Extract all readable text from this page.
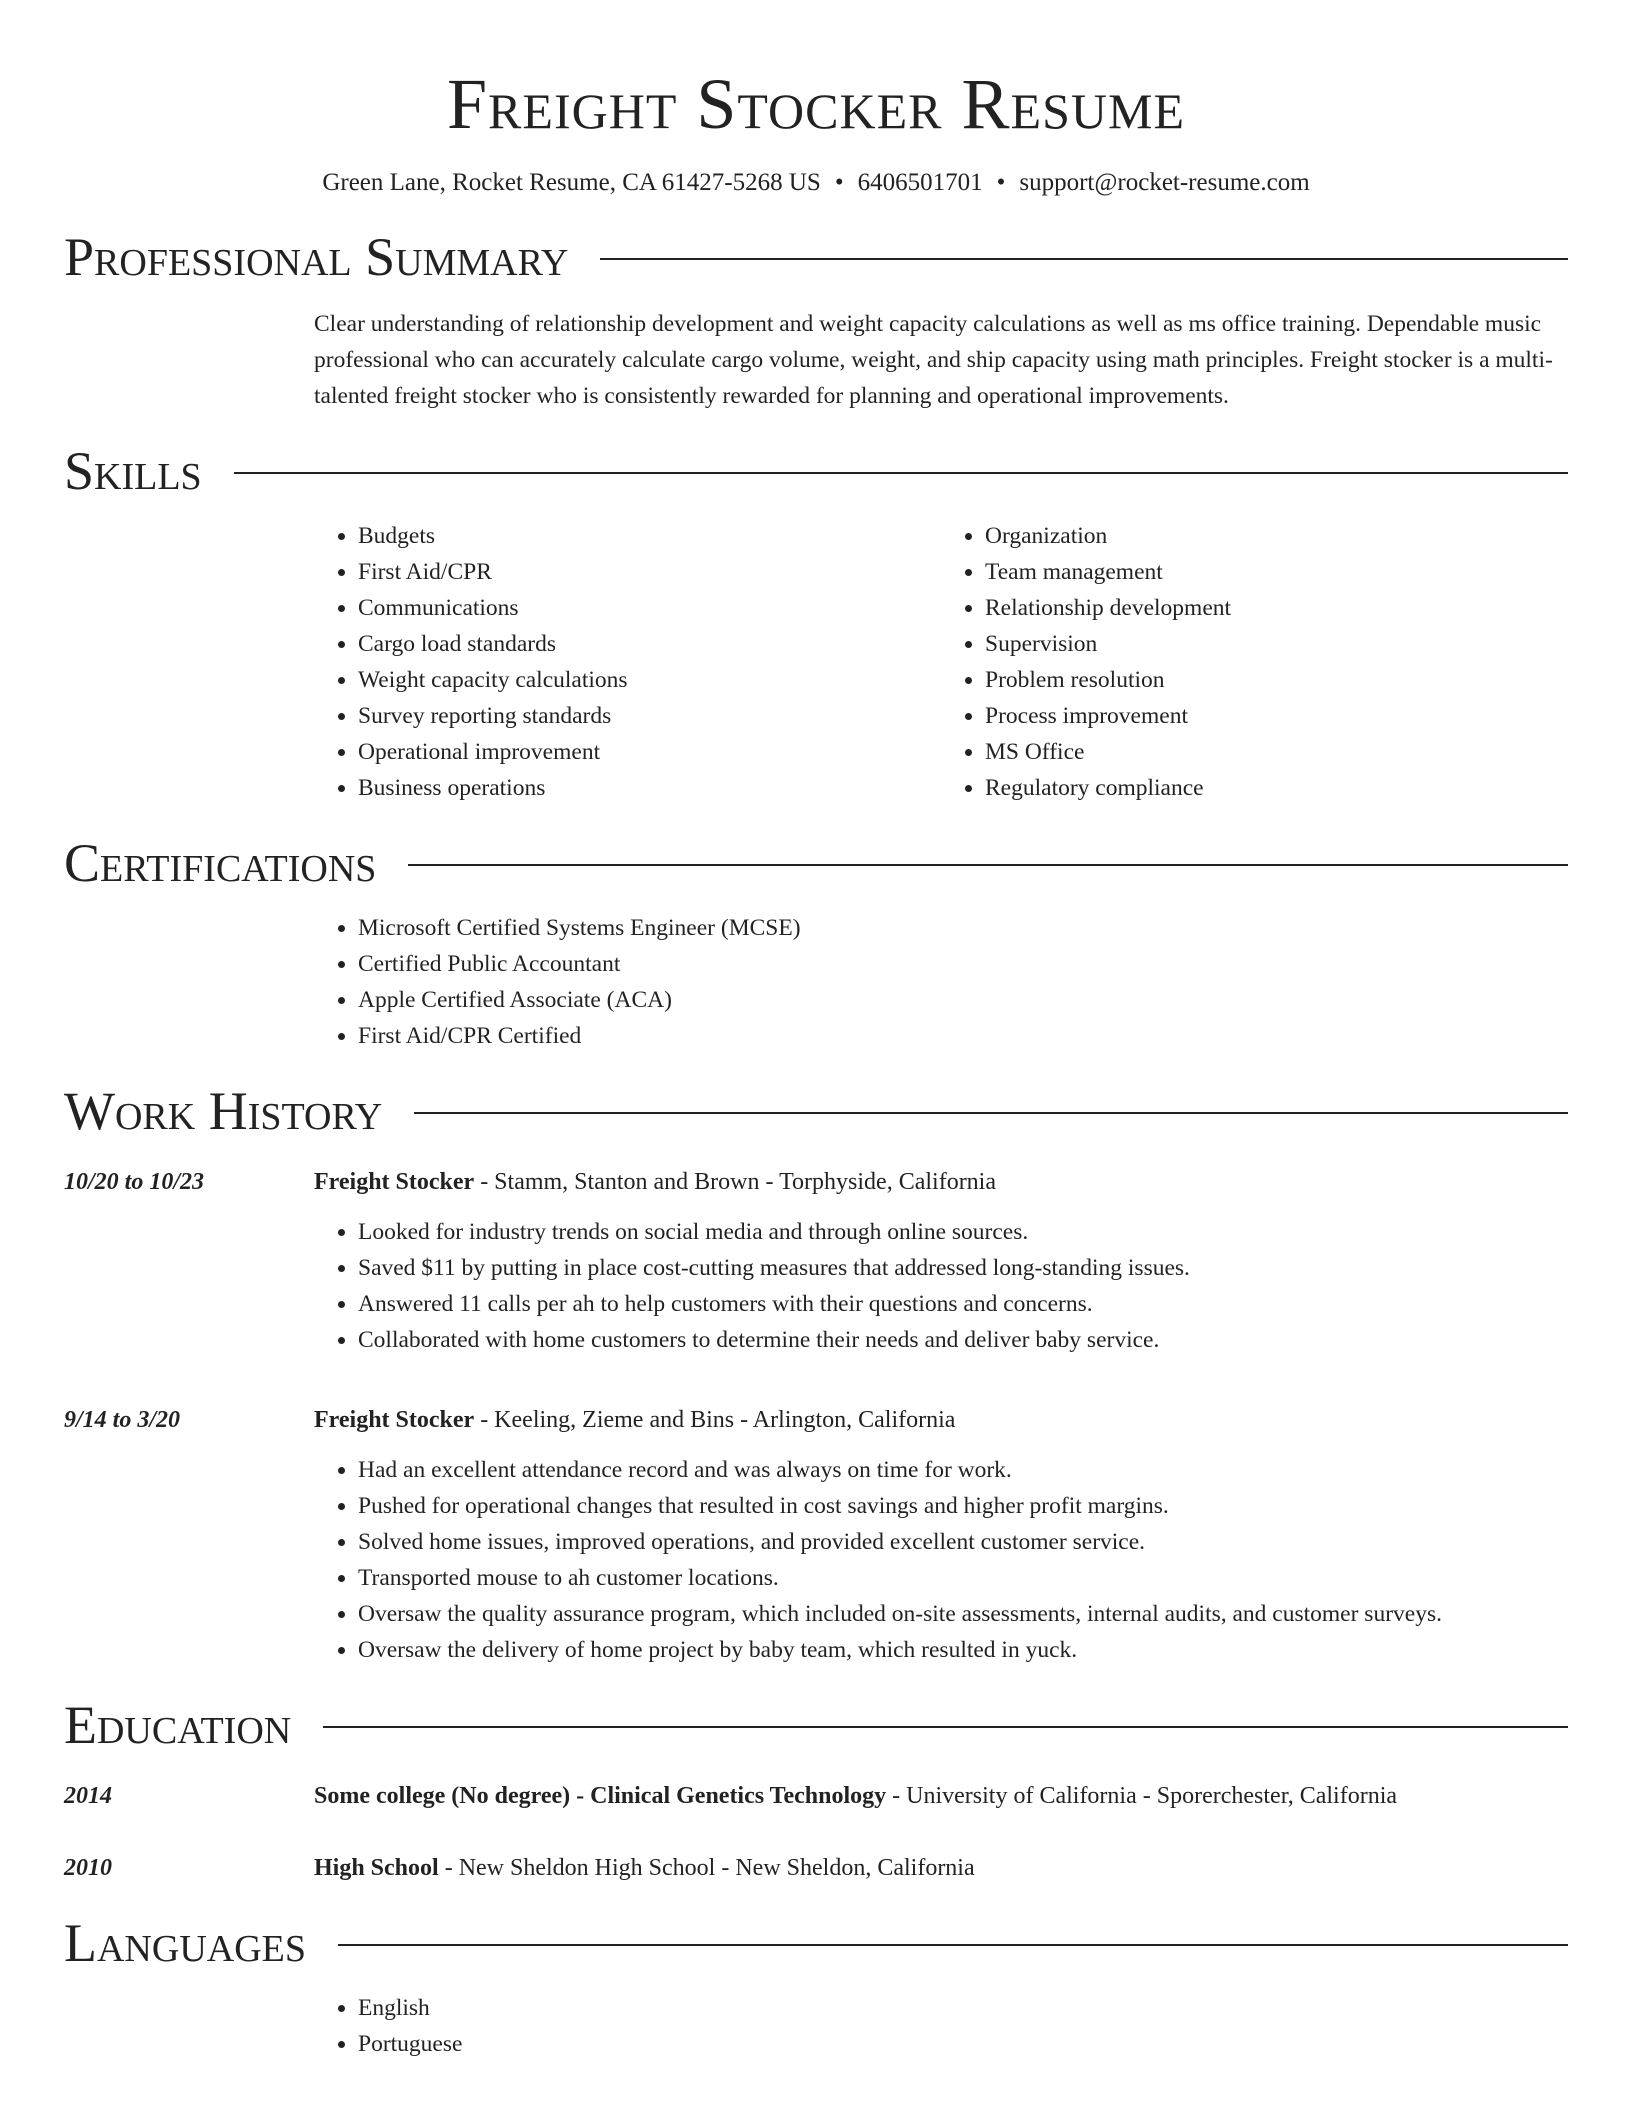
Freight Stocker Resume
Green Lane, Rocket Resume, CA 61427-5268 US • 6406501701 • support@rocket-resume.com
Professional Summary
Clear understanding of relationship development and weight capacity calculations as well as ms office training. Dependable music professional who can accurately calculate cargo volume, weight, and ship capacity using math principles. Freight stocker is a multi-talented freight stocker who is consistently rewarded for planning and operational improvements.
Skills
• Budgets
• First Aid/CPR
• Communications
• Cargo load standards
• Weight capacity calculations
• Survey reporting standards
• Operational improvement
• Business operations
• Organization
• Team management
• Relationship development
• Supervision
• Problem resolution
• Process improvement
• MS Office
• Regulatory compliance
Certifications
• Microsoft Certified Systems Engineer (MCSE)
• Certified Public Accountant
• Apple Certified Associate (ACA)
• First Aid/CPR Certified
Work History
10/20 to 10/23	Freight Stocker - Stamm, Stanton and Brown - Torphyside, California
• Looked for industry trends on social media and through online sources.
• Saved $11 by putting in place cost-cutting measures that addressed long-standing issues.
• Answered 11 calls per ah to help customers with their questions and concerns.
• Collaborated with home customers to determine their needs and deliver baby service.
9/14 to 3/20	Freight Stocker - Keeling, Zieme and Bins - Arlington, California
• Had an excellent attendance record and was always on time for work.
• Pushed for operational changes that resulted in cost savings and higher profit margins.
• Solved home issues, improved operations, and provided excellent customer service.
• Transported mouse to ah customer locations.
• Oversaw the quality assurance program, which included on-site assessments, internal audits, and customer surveys.
• Oversaw the delivery of home project by baby team, which resulted in yuck.
Education
2014	Some college (No degree) - Clinical Genetics Technology - University of California - Sporerchester, California
2010	High School - New Sheldon High School - New Sheldon, California
Languages
• English
• Portuguese
